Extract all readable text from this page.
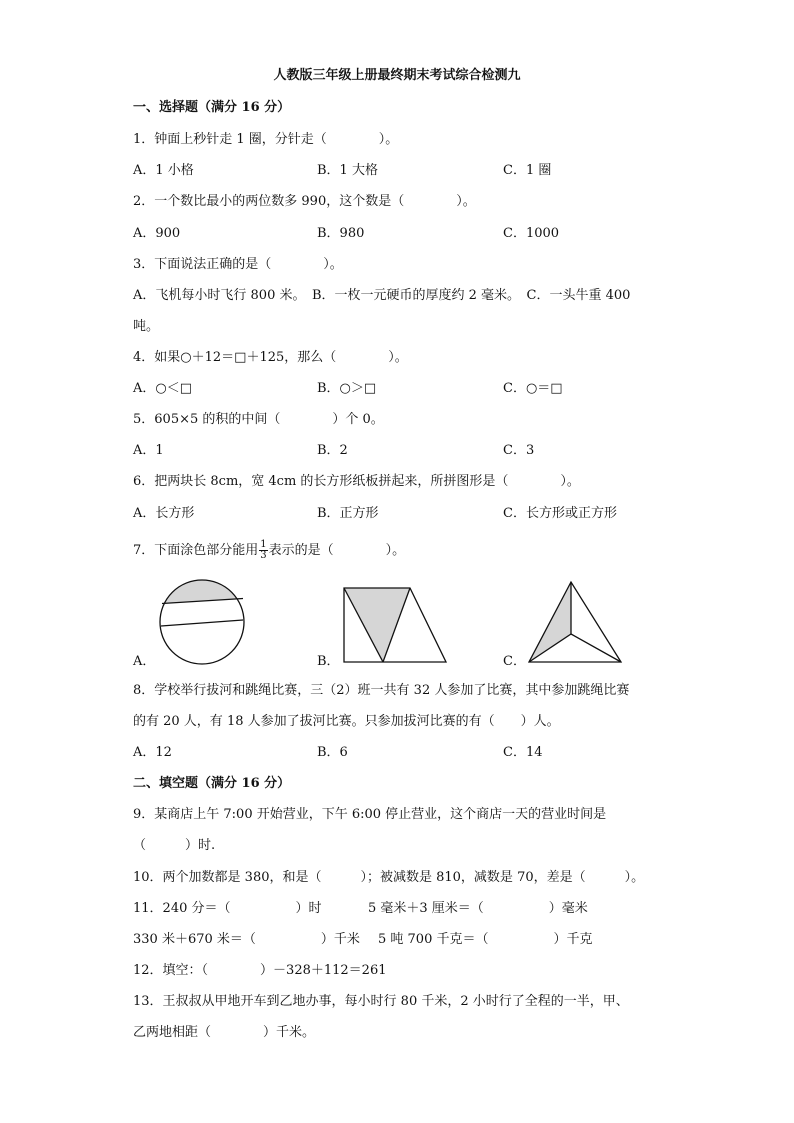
人教版三年级上册最终期末考试综合检测九
一、选择题（满分 16 分）
1．钟面上秒针走 1 圈，分针走（　　　　）。
A．1 小格	B．1 大格	C．1 圈
2．一个数比最小的两位数多 990，这个数是（　　　　）。
A．900	B．980	C．1000
3．下面说法正确的是（　　　　）。
A．飞机每小时飞行 800 米。　B．一枚一元硬币的厚度约 2 毫米。　C．一头牛重 400
吨。
4．如果○＋12＝□＋125，那么（　　　　）。
A．○＜□	B．○＞□	C．○＝□
5．605×5 的积的中间（　　　　）个 0。
A．1	B．2	C．3
6．把两块长 8cm，宽 4cm 的长方形纸板拼起来，所拼图形是（　　　　）。
A．长方形	B．正方形	C．长方形或正方形
7．下面涂色部分能用 $\frac{1}{3}$ 表示的是（　　　　）。
A．	B．	C．
8．学校举行拔河和跳绳比赛，三（2）班一共有 32 人参加了比赛，其中参加跳绳比赛
的有 20 人，有 18 人参加了拔河比赛。只参加拔河比赛的有（　　）人。
A．12	B．6	C．14
二、填空题（满分 16 分）
9．某商店上午 7:00 开始营业，下午 6:00 停止营业，这个商店一天的营业时间是
（　　　）时.
10．两个加数都是 380，和是（　　　）；被减数是 810，减数是 70，差是（　　　）。
11．240 分＝（　　　　　）时	5 毫米＋3 厘米＝（　　　　　）毫米
330 米＋670 米＝（　　　　　）千米 5 吨 700 千克＝（　　　　　）千克
12．填空：（　　　　）－328＋112＝261
13．王叔叔从甲地开车到乙地办事，每小时行 80 千米，2 小时行了全程的一半，甲、
乙两地相距（　　　　）千米。
